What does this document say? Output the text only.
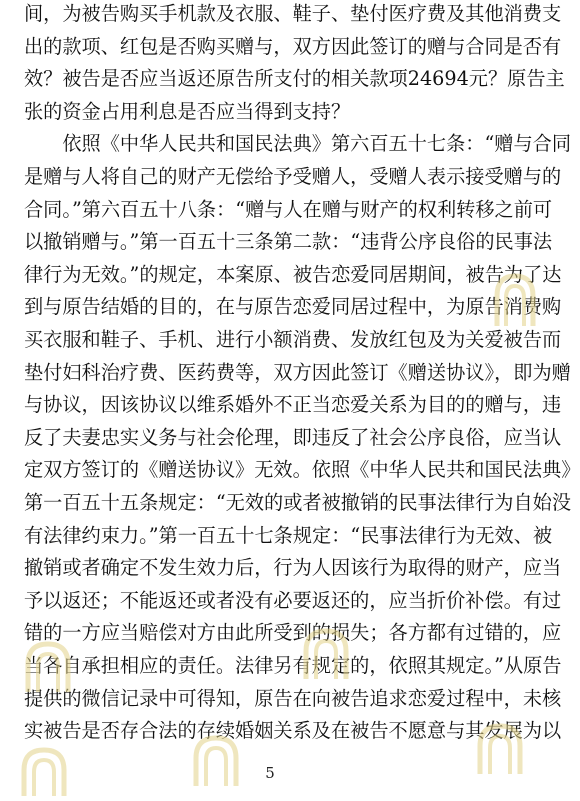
间，为被告购买手机款及衣服、鞋子、垫付医疗费及其他消费支
出的款项、红包是否购买赠与，双方因此签订的赠与合同是否有
效？被告是否应当返还原告所支付的相关款项24694元？原告主
张的资金占用利息是否应当得到支持？
　　依照《中华人民共和国民法典》第六百五十七条：“赠与合同
是赠与人将自己的财产无偿给予受赠人，受赠人表示接受赠与的
合同。”第六百五十八条：“赠与人在赠与财产的权利转移之前可
以撤销赠与。”第一百五十三条第二款：“违背公序良俗的民事法
律行为无效。”的规定，本案原、被告恋爱同居期间，被告为了达
到与原告结婚的目的，在与原告恋爱同居过程中，为原告消费购
买衣服和鞋子、手机、进行小额消费、发放红包及为关爱被告而
垫付妇科治疗费、医药费等，双方因此签订《赠送协议》，即为赠
与协议，因该协议以维系婚外不正当恋爱关系为目的的赠与，违
反了夫妻忠实义务与社会伦理，即违反了社会公序良俗，应当认
定双方签订的《赠送协议》无效。依照《中华人民共和国民法典》
第一百五十五条规定：“无效的或者被撤销的民事法律行为自始没
有法律约束力。”第一百五十七条规定：“民事法律行为无效、被
撤销或者确定不发生效力后，行为人因该行为取得的财产，应当
予以返还；不能返还或者没有必要返还的，应当折价补偿。有过
错的一方应当赔偿对方由此所受到的损失；各方都有过错的，应
当各自承担相应的责任。法律另有规定的，依照其规定。”从原告
提供的微信记录中可得知，原告在向被告追求恋爱过程中，未核
实被告是否存合法的存续婚姻关系及在被告不愿意与其发展为以
5
